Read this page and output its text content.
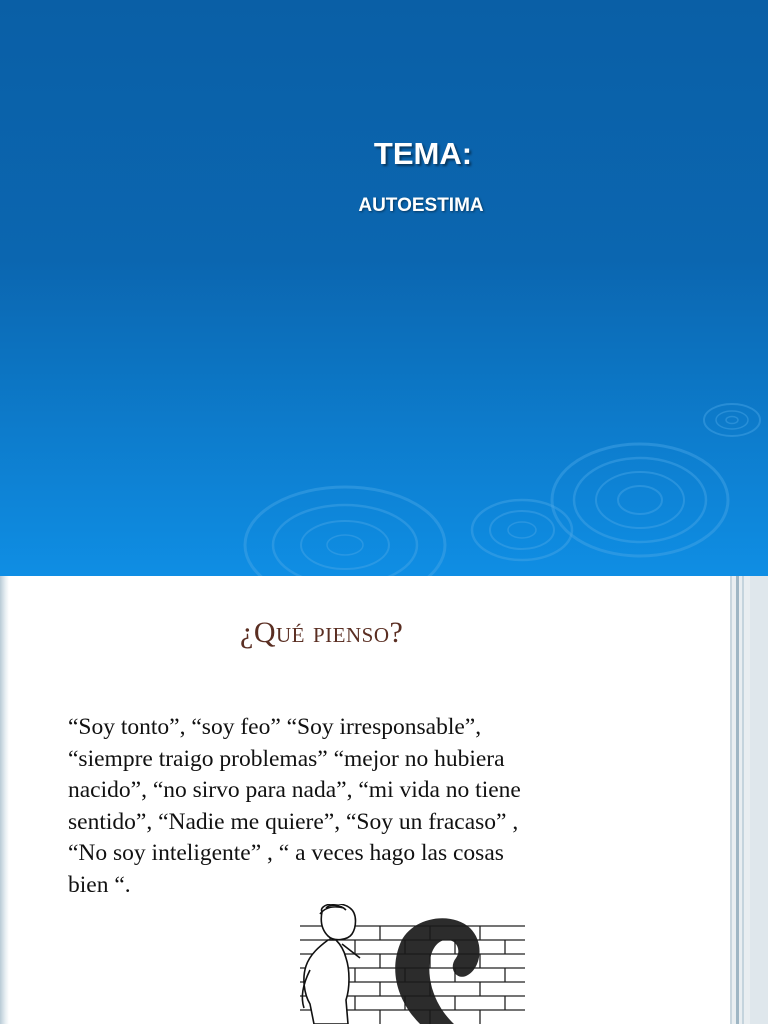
TEMA:
AUTOESTIMA
¿Qué pienso?
“Soy tonto”, “soy feo” “Soy irresponsable”,
“siempre traigo problemas” “mejor no hubiera
nacido”, “no sirvo para nada”, “mi vida no tiene
sentido”, “Nadie me quiere”, “Soy un fracaso” ,
“No soy inteligente” , “ a veces hago las cosas
bien “.
